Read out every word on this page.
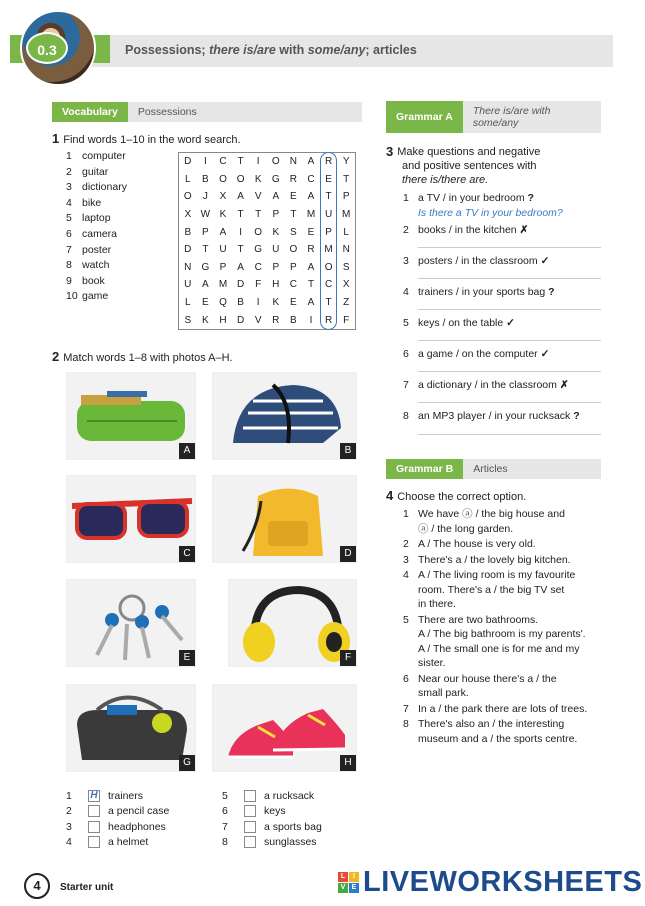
0.3	Possessions; there is/are with some/any; articles
Vocabulary	Possessions
1 Find words 1–10 in the word search.
1 computer
2 guitar
3 dictionary
4 bike
5 laptop
6 camera
7 poster
8 watch
9 book
10 game
D	I	C	T	I	O	N	A	R	Y
L	B	O O	K	G	R	C	E	T
O	J	X	A	V	A	E	A	T	P
X W K	T	T	P	T	M U M
B	P	A	I	O	K	S	E	P	L
D	T	U	T	G	U	O	R M N
N	G	P	A	C	P	P	A	O	S
U	A	M D	F	H	C	T	C	X
L	E	Q	B	I	K	E	A	T	Z
S	K	H	D	V	R	B	I	R	F
2 Match words 1–8 with photos A–H.
A	B
C	D
E	F
G	H
1	H trainers
2	a pencil case
3	headphones
4	a helmet
5	a rucksack
6	keys
7	a sports bag
8	sunglasses
Grammar A	There is/are with
some/any
3 Make questions and negative
and positive sentences with
there is/there are.
1 a TV / in your bedroom ?
Is there a TV in your bedroom?
2 books / in the kitchen ✗
3 posters / in the classroom ✓
4 trainers / in your sports bag ?
5 keys / on the table ✓
6 a game / on the computer ✓
7 a dictionary / in the classroom ✗
8 an MP3 player / in your rucksack ?
Grammar B	Articles
4 Choose the correct option.
1 We have ⓐ / the big house and
ⓐ / the long garden.
2 A / The house is very old.
3 There's a / the lovely big kitchen.
4 A / The living room is my favourite
room. There's a / the big TV set
in there.
5 There are two bathrooms.
A / The big bathroom is my parents'.
A / The small one is for me and my
sister.
6 Near our house there's a / the
small park.
7 In a / the park there are lots of trees.
8 There's also an / the interesting
museum and a / the sports centre.
4	Starter unit
L	I
V E LIVEWORKSHEETS
